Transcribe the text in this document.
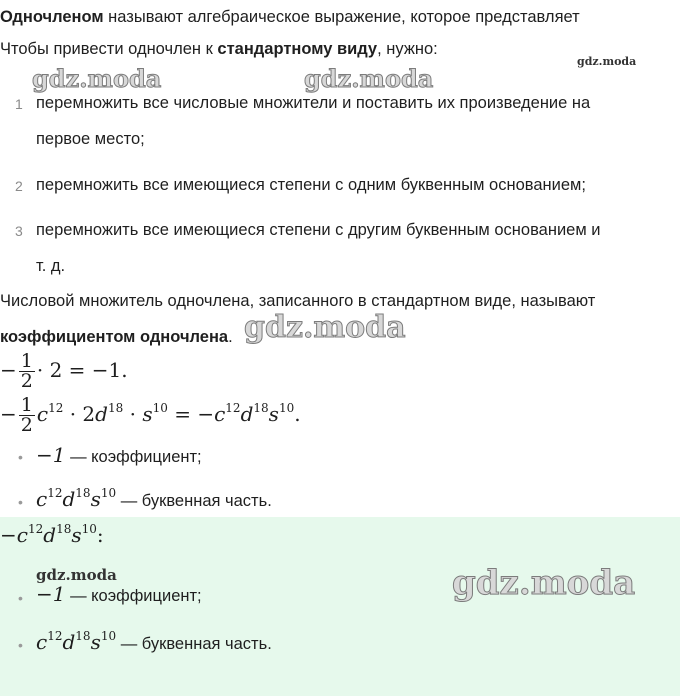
Одночленом называют алгебраическое выражение, которое представляет
Чтобы привести одночлен к стандартному виду, нужно:
gdz.moda	gdz.moda
gdz.moda
1 перемножить все числовые множители и поставить их произведение на
первое место;
2 перемножить все имеющиеся степени с одним буквенным основанием;
3 перемножить все имеющиеся степени с другим буквенным основанием и
т. д.
Числовой множитель одночлена, записанного в стандартном виде, называют
коэффициентом одночлена. gdz.moda
− $\frac{1}{2} \cdot 2 = -1$.
− $\frac{1}{2} c^{12} \cdot 2d^{18} \cdot s^{10} = -c^{12}d^{18}s^{10}$.
• −1 — коэффициент;
• $c^{12}d^{18}s^{10}$ — буквенная часть.
$-c^{12}d^{18}s^{10}$:
gdz.moda	gdz.moda
• −1 — коэффициент;
• $c^{12}d^{18}s^{10}$ — буквенная часть.
